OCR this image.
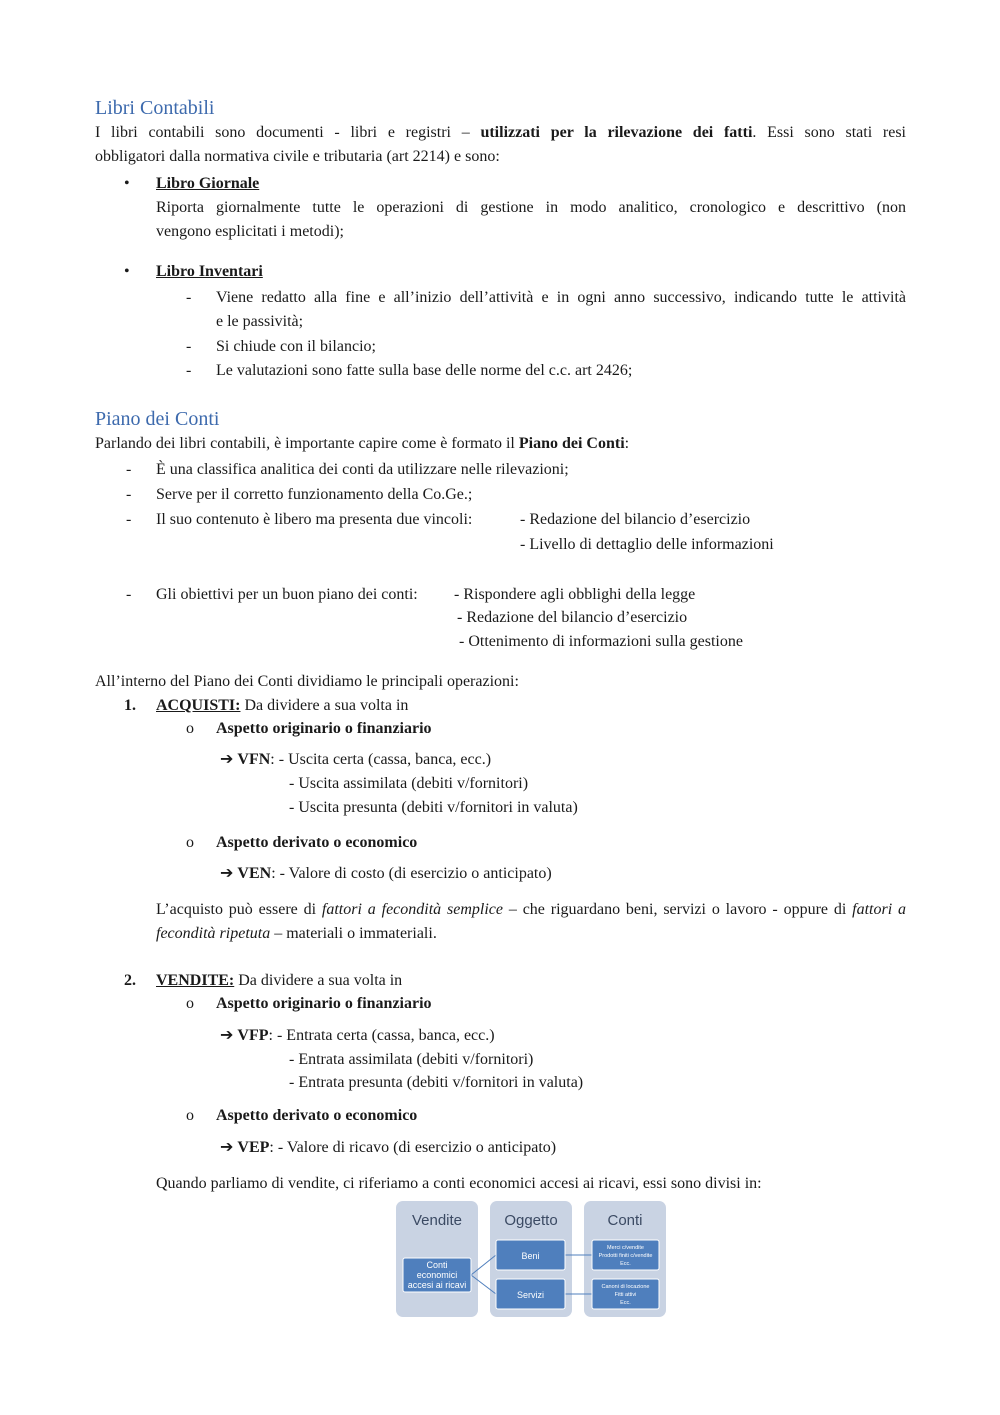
Libri Contabili
I libri contabili sono documenti - libri e registri – utilizzati per la rilevazione dei fatti. Essi sono stati resi
obbligatori dalla normativa civile e tributaria (art 2214) e sono:
• Libro Giornale
Riporta giornalmente tutte le operazioni di gestione in modo analitico, cronologico e descrittivo (non
vengono esplicitati i metodi);
• Libro Inventari
- Viene redatto alla fine e all’inizio dell’attività e in ogni anno successivo, indicando tutte le attività
e le passività;
- Si chiude con il bilancio;
- Le valutazioni sono fatte sulla base delle norme del c.c. art 2426;
Piano dei Conti
Parlando dei libri contabili, è importante capire come è formato il Piano dei Conti:
- È una classifica analitica dei conti da utilizzare nelle rilevazioni;
- Serve per il corretto funzionamento della Co.Ge.;
- Il suo contenuto è libero ma presenta due vincoli:	- Redazione del bilancio d’esercizio
- Livello di dettaglio delle informazioni
- Gli obiettivi per un buon piano dei conti: - Rispondere agli obblighi della legge
- Redazione del bilancio d’esercizio
- Ottenimento di informazioni sulla gestione
All’interno del Piano dei Conti dividiamo le principali operazioni:
1. ACQUISTI: Da dividere a sua volta in
o Aspetto originario o finanziario
➔ VFN: - Uscita certa (cassa, banca, ecc.)
- Uscita assimilata (debiti v/fornitori)
- Uscita presunta (debiti v/fornitori in valuta)
o Aspetto derivato o economico
➔ VEN: - Valore di costo (di esercizio o anticipato)
L’acquisto può essere di fattori a fecondità semplice – che riguardano beni, servizi o lavoro - oppure di fattori a
fecondità ripetuta – materiali o immateriali.
2. VENDITE: Da dividere a sua volta in
o Aspetto originario o finanziario
➔ VFP: - Entrata certa (cassa, banca, ecc.)
- Entrata assimilata (debiti v/fornitori)
- Entrata presunta (debiti v/fornitori in valuta)
o Aspetto derivato o economico
➔ VEP: - Valore di ricavo (di esercizio o anticipato)
Quando parliamo di vendite, ci riferiamo a conti economici accesi ai ricavi, essi sono divisi in:
Vendite	Oggetto	Conti
Conti
economici
accesi ai ricavi
Beni
Servizi
Merci c/vendite
Prodotti finiti c/vendite
Ecc.
Canoni di locazione
Fitti attivi
Ecc.
